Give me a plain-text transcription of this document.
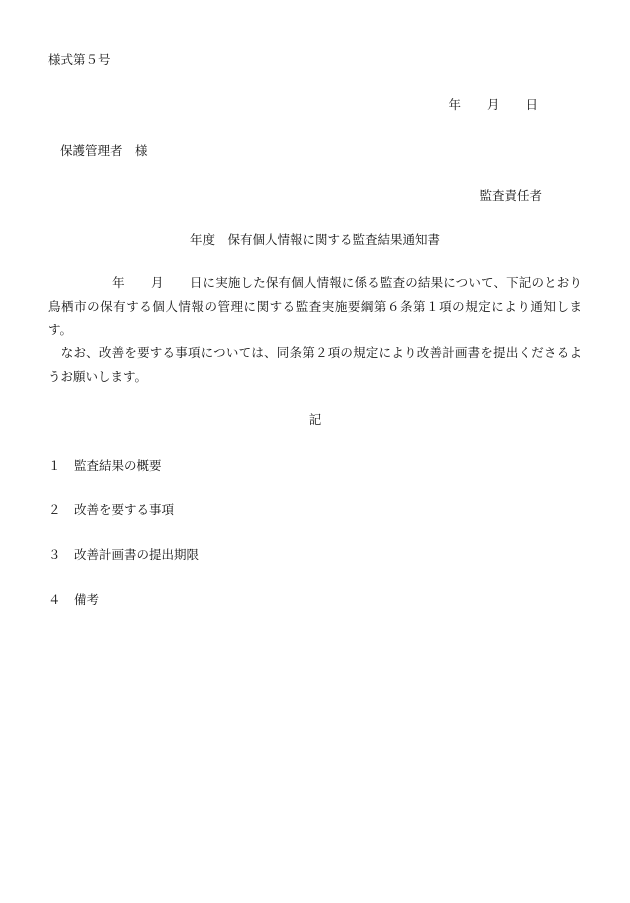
様式第５号
年 月 日
保護管理者　様
監査責任者
年度　保有個人情報に関する監査結果通知書
年 月 日に実施した保有個人情報に係る監査の結果について、下記のとおり鳥栖市の保有する個人情報の管理に関する監査実施要綱第６条第１項の規定により通知します。
　なお、改善を要する事項については、同条第２項の規定により改善計画書を提出くださるようお願いします。
記
１ 監査結果の概要
２ 改善を要する事項
３ 改善計画書の提出期限
４ 備考
